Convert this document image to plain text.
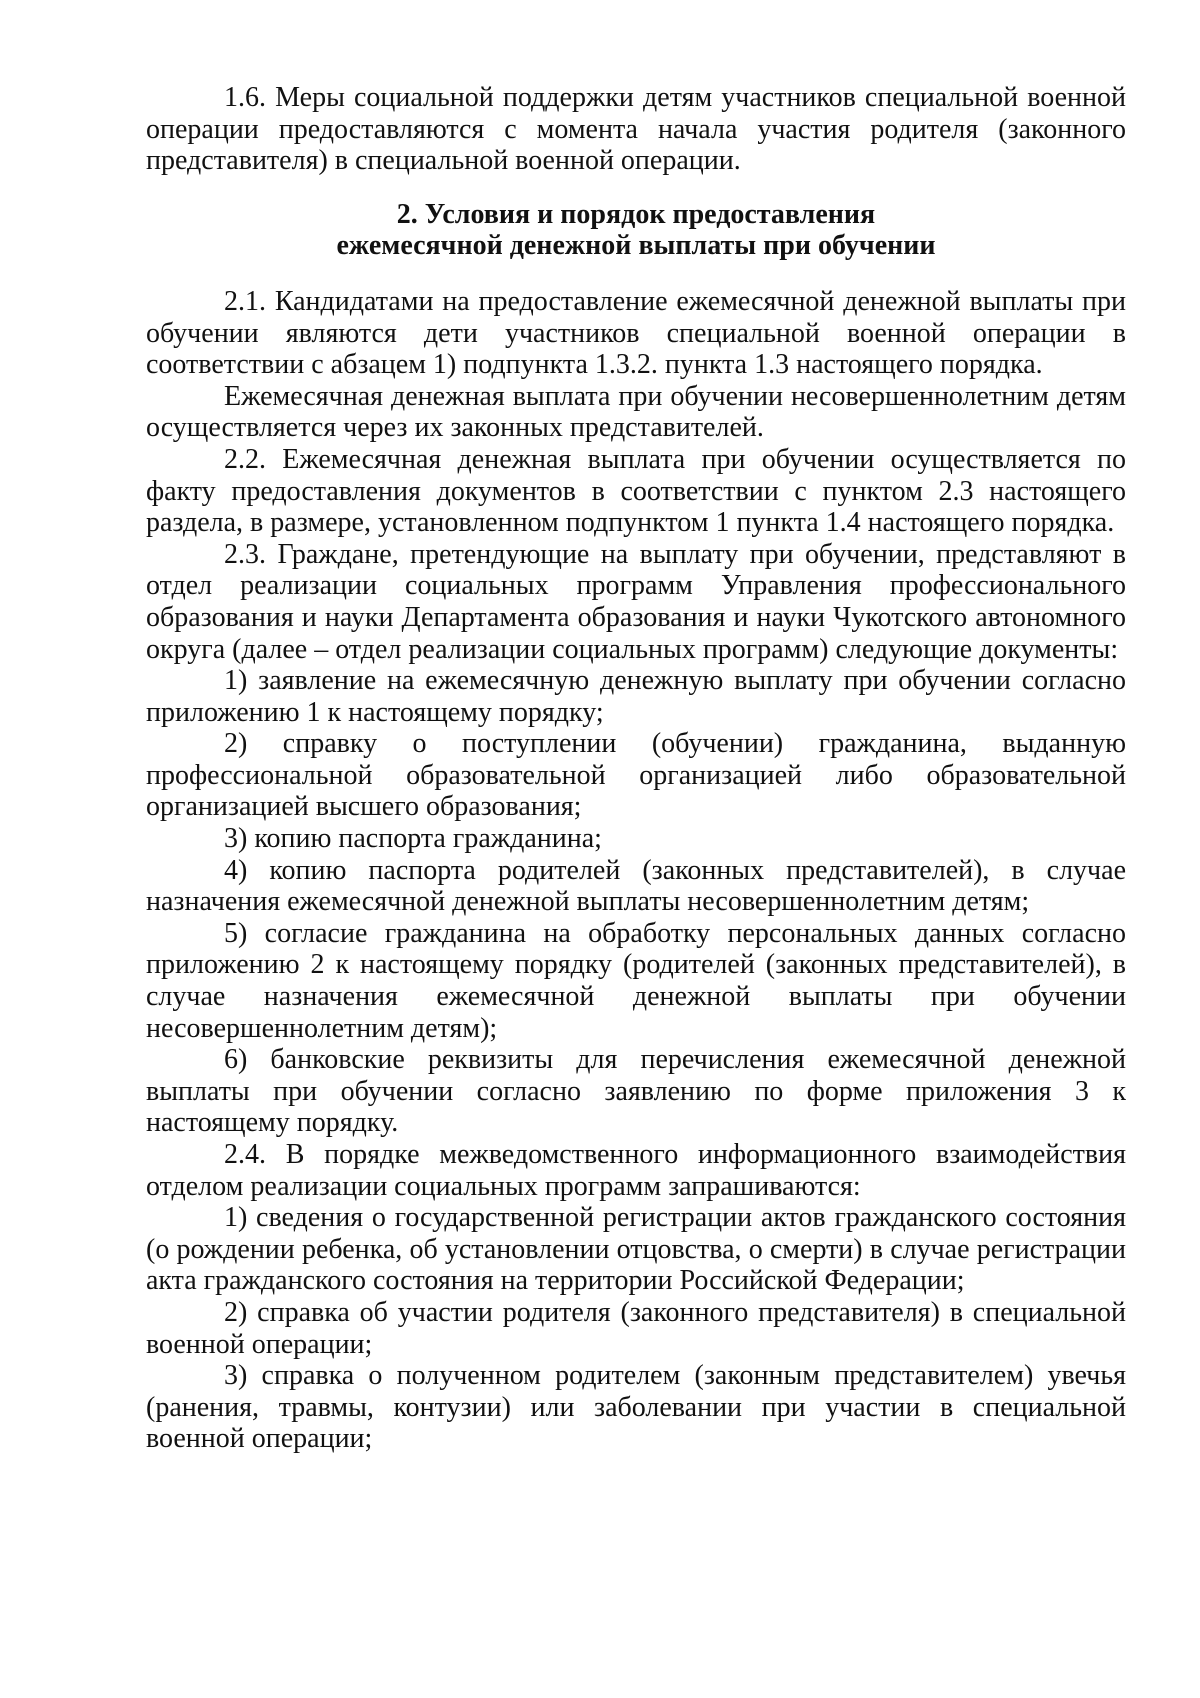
1.6. Меры социальной поддержки детям участников специальной военной операции предоставляются с момента начала участия родителя (законного представителя) в специальной военной операции.

2. Условия и порядок предоставления
ежемесячной денежной выплаты при обучении

2.1. Кандидатами на предоставление ежемесячной денежной выплаты при обучении являются дети участников специальной военной операции в соответствии с абзацем 1) подпункта 1.3.2. пункта 1.3 настоящего порядка.

Ежемесячная денежная выплата при обучении несовершеннолетним детям осуществляется через их законных представителей.

2.2. Ежемесячная денежная выплата при обучении осуществляется по факту предоставления документов в соответствии с пунктом 2.3 настоящего раздела, в размере, установленном подпунктом 1 пункта 1.4 настоящего порядка.

2.3. Граждане, претендующие на выплату при обучении, представляют в отдел реализации социальных программ Управления профессионального образования и науки Департамента образования и науки Чукотского автономного округа (далее – отдел реализации социальных программ) следующие документы:

1) заявление на ежемесячную денежную выплату при обучении согласно приложению 1 к настоящему порядку;

2) справку о поступлении (обучении) гражданина, выданную профессиональной образовательной организацией либо образовательной организацией высшего образования;

3) копию паспорта гражданина;

4) копию паспорта родителей (законных представителей), в случае назначения ежемесячной денежной выплаты несовершеннолетним детям;

5) согласие гражданина на обработку персональных данных согласно приложению 2 к настоящему порядку (родителей (законных представителей), в случае назначения ежемесячной денежной выплаты при обучении несовершеннолетним детям);

6) банковские реквизиты для перечисления ежемесячной денежной выплаты при обучении согласно заявлению по форме приложения 3 к настоящему порядку.

2.4. В порядке межведомственного информационного взаимодействия отделом реализации социальных программ запрашиваются:

1) сведения о государственной регистрации актов гражданского состояния (о рождении ребенка, об установлении отцовства, о смерти) в случае регистрации акта гражданского состояния на территории Российской Федерации;

2) справка об участии родителя (законного представителя) в специальной военной операции;

3) справка о полученном родителем (законным представителем) увечья (ранения, травмы, контузии) или заболевании при участии в специальной военной операции;
